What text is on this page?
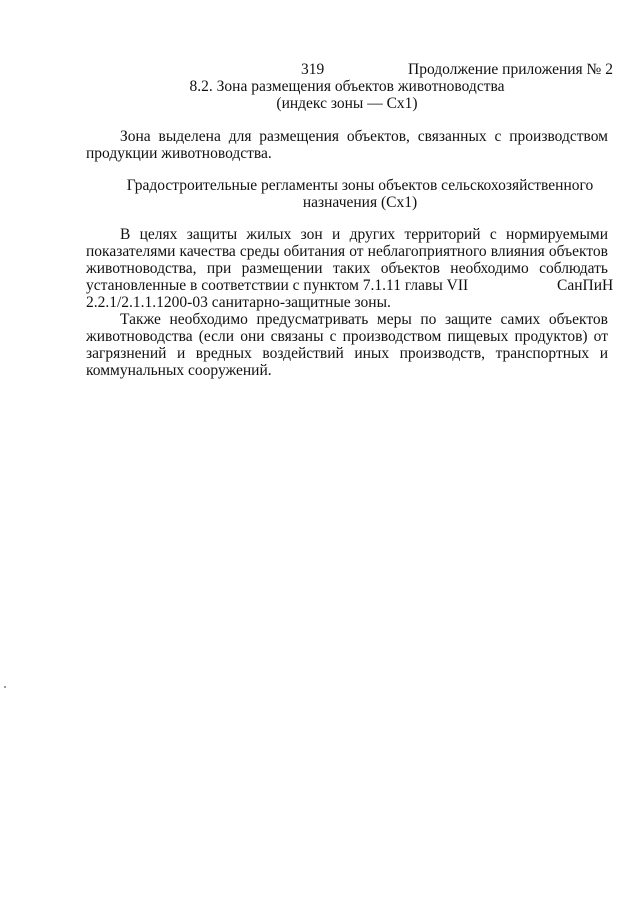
319	Продолжение приложения № 2
8.2. Зона размещения объектов животноводства
(индекс зоны — Сх1)
Зона выделена для размещения объектов, связанных с производством
продукции животноводства.
Градостроительные регламенты зоны объектов сельскохозяйственного
назначения (Сх1)
В целях защиты жилых зон и других территорий с нормируемыми
показателями качества среды обитания от неблагоприятного влияния объектов
животноводства, при размещении таких объектов необходимо соблюдать
установленные в соответствии с пунктом 7.1.11 главы VII	СанПиН
2.2.1/2.1.1.1200-03 санитарно-защитные зоны.
Также необходимо предусматривать меры по защите самих объектов
животноводства (если они связаны с производством пищевых продуктов) от
загрязнений и вредных воздействий иных производств, транспортных и
коммунальных сооружений.
